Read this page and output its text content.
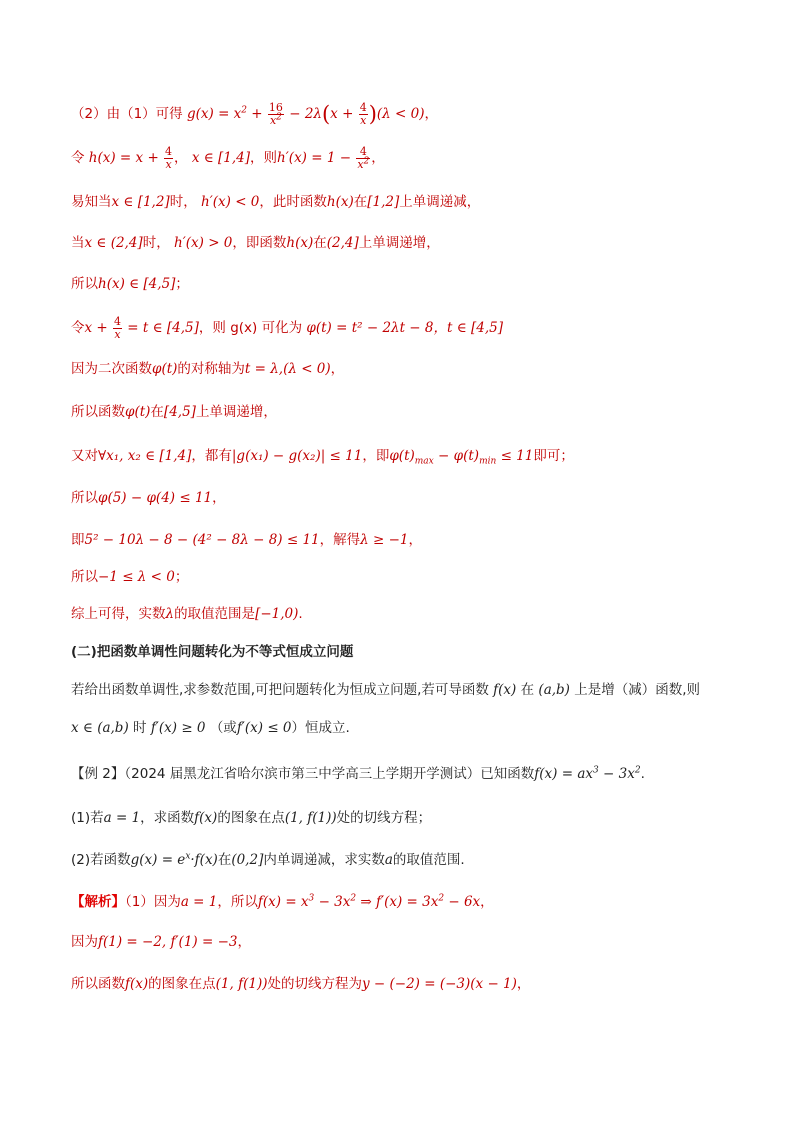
（2）由（1）可得 $g(x) = x^2 + \frac{16}{x^2} - 2\lambda(x + \frac{4}{x} )(\lambda < 0)$，
令 $h(x) = x + \frac{4}{x}$ ， x ∈ [1,4]，则$h'(x) = 1 - \frac{4}{x^2}$ ，
易知当x ∈ [1,2]时， h′(x) < 0，此时函数h(x)在[1,2]上单调递减，
当x ∈ (2,4]时， h′(x) > 0，即函数h(x)在(2,4]上单调递增，
所以h(x) ∈ [4,5]；
令$x + \frac{4}{x} = t$ ∈ [4,5]，则 g(x) 可化为 φ(t) = t² − 2λt − 8，t ∈ [4,5]
因为二次函数φ(t)的对称轴为t = λ,(λ < 0)，
所以函数φ(t)在[4,5]上单调递增，
又对∀x₁, x₂ ∈ [1,4]，都有|g(x₁) − g(x₂)| ≤ 11，即$\varphi(t)_{max} - \varphi(t)_{min} \le 11$即可；
所以φ(5) − φ(4) ≤ 11，
即5² − 10λ − 8 − (4² − 8λ − 8) ≤ 11，解得λ ≥ −1，
所以−1 ≤ λ < 0；
综上可得，实数λ的取值范围是[−1,0).
(二)把函数单调性问题转化为不等式恒成立问题
若给出函数单调性,求参数范围,可把问题转化为恒成立问题,若可导函数 f(x) 在 (a,b) 上是增（减）函数,则
x ∈ (a,b) 时 f′(x) ≥ 0 （或f′(x) ≤ 0）恒成立.
【例 2】（2024 届黑龙江省哈尔滨市第三中学高三上学期开学测试）已知函数$f(x) = ax^3 - 3x^2$.
(1)若a = 1，求函数f(x)的图象在点(1, f(1))处的切线方程；
(2)若函数$g(x) = e^x\cdot f(x)$在(0,2]内单调递减，求实数a的取值范围.
【解析】（1）因为a = 1，所以$f(x) = x^3 - 3x^2$ ⇒ $f'(x) = 3x^2 - 6x$，
因为f(1) = −2, f′(1) = −3，
所以函数f(x)的图象在点(1, f(1))处的切线方程为y − (−2) = (−3)(x − 1)，
